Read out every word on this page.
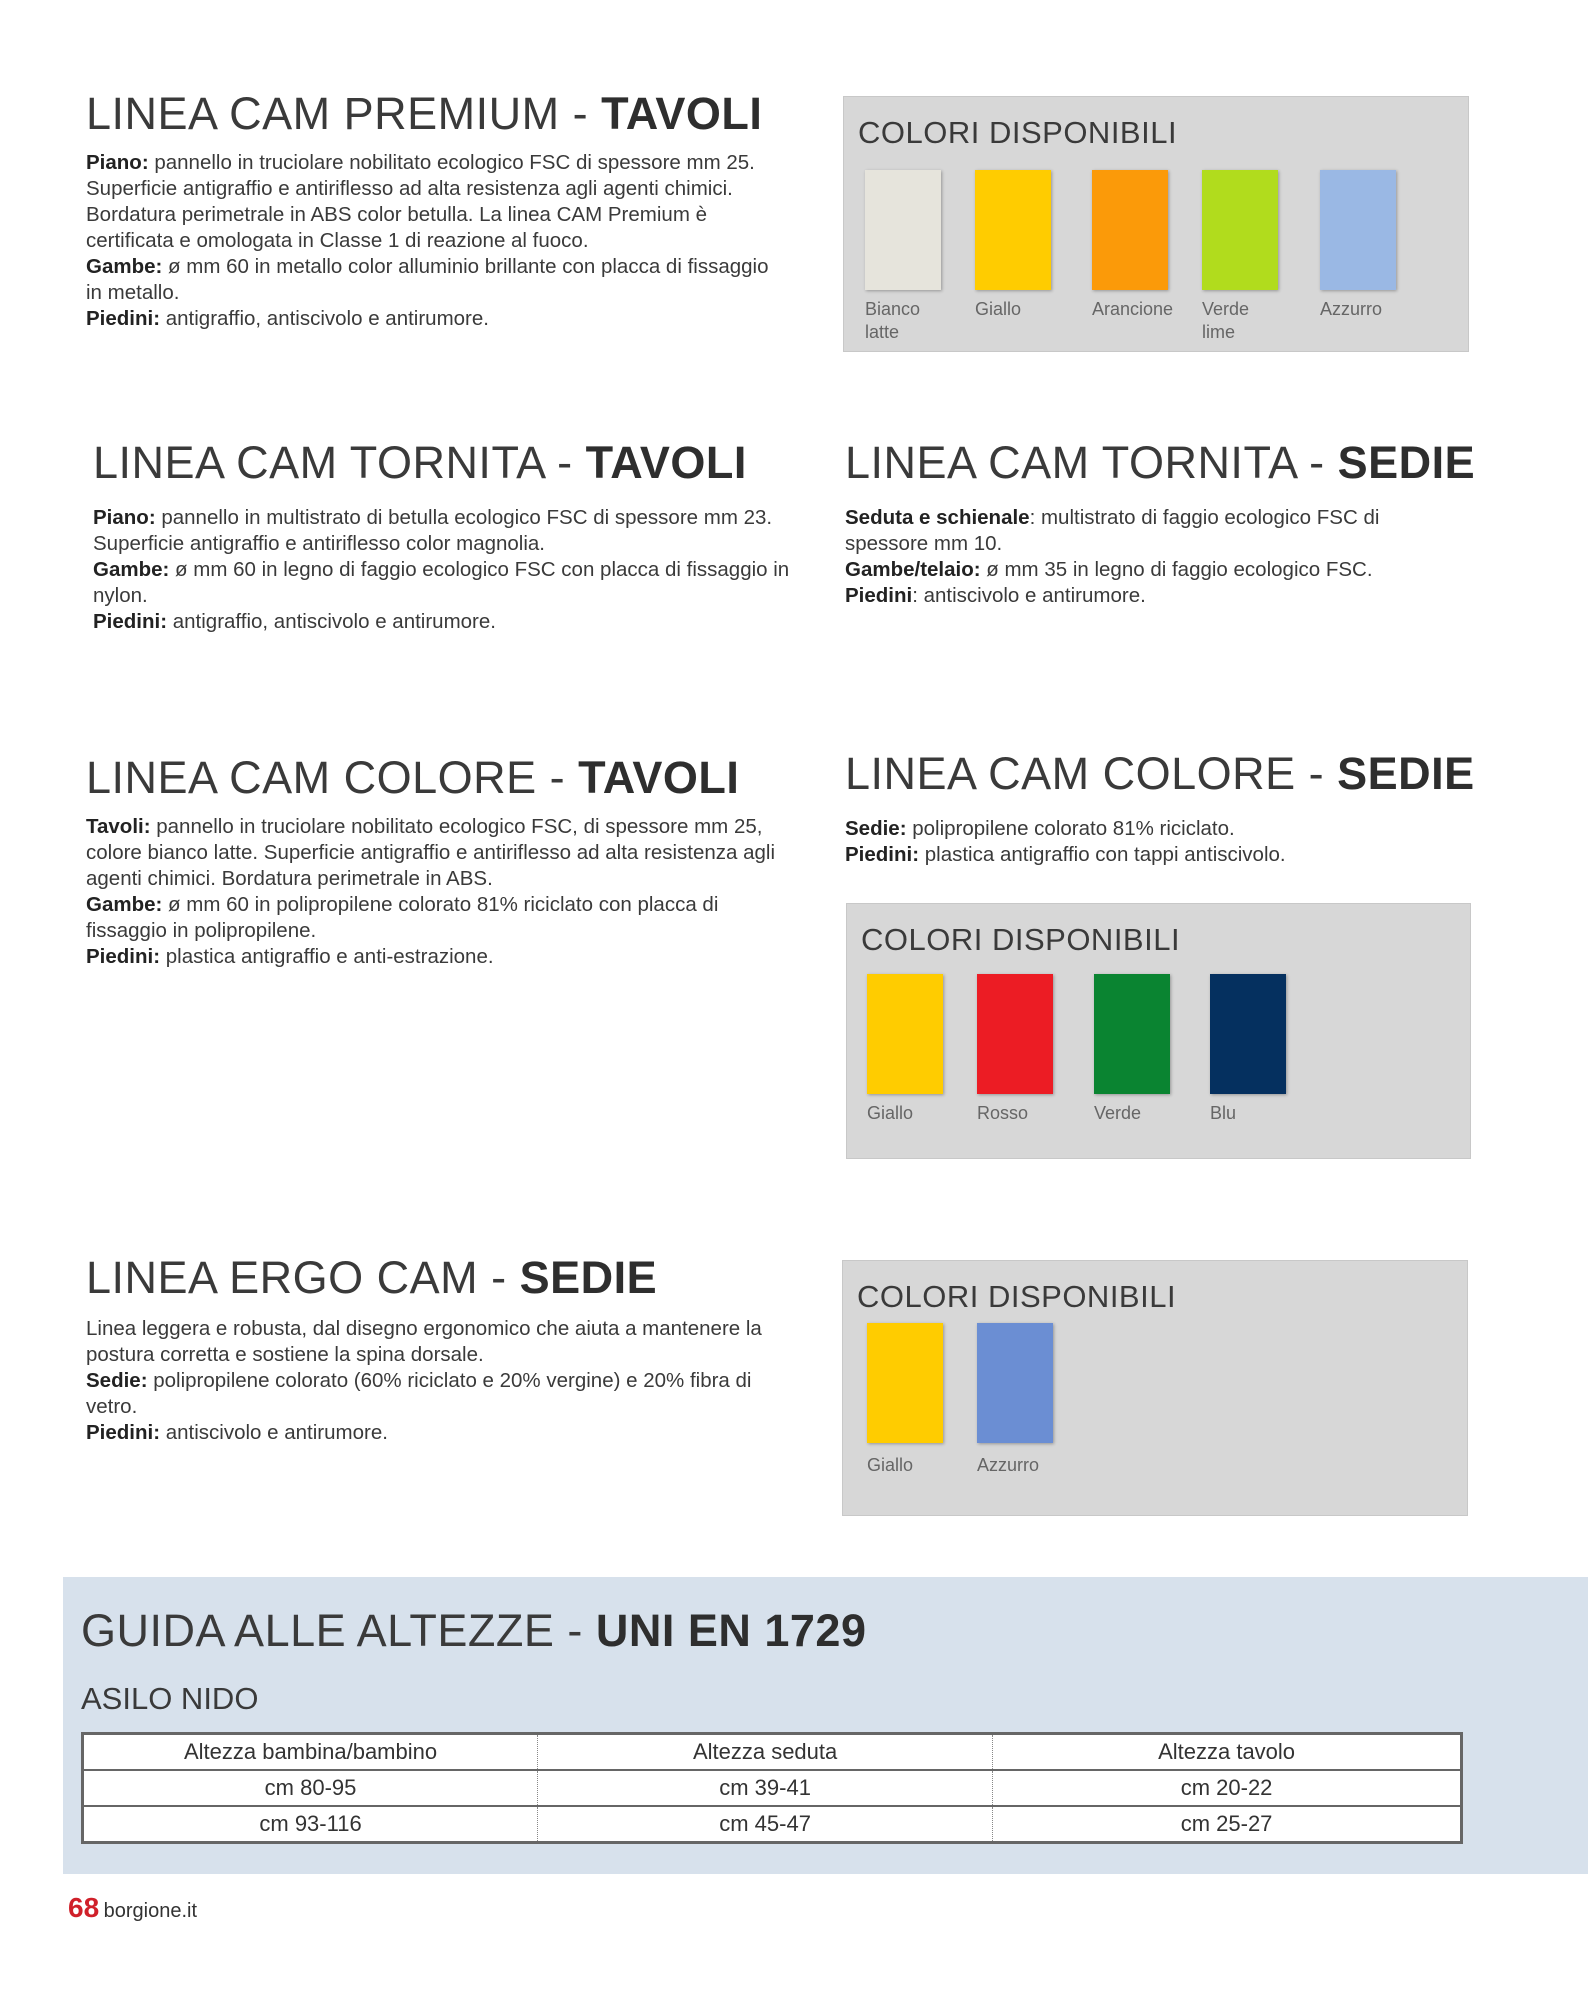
LINEA CAM PREMIUM - TAVOLI

Piano: pannello in truciolare nobilitato ecologico FSC di spessore mm 25. Superficie antigraffio e antiriflesso ad alta resistenza agli agenti chimici. Bordatura perimetrale in ABS color betulla. La linea CAM Premium è certificata e omologata in Classe 1 di reazione al fuoco.
Gambe: ø mm 60 in metallo color alluminio brillante con placca di fissaggio in metallo.
Piedini: antigraffio, antiscivolo e antirumore.

COLORI DISPONIBILI
Bianco latte
Giallo	Arancione Verde lime
Azzurro
LINEA CAM TORNITA - TAVOLI

Piano: pannello in multistrato di betulla ecologico FSC di spessore mm 23. Superficie antigraffio e antiriflesso color magnolia.
Gambe: ø mm 60 in legno di faggio ecologico FSC con placca di fissaggio in nylon.
Piedini: antigraffio, antiscivolo e antirumore.

LINEA CAM TORNITA - SEDIE

Seduta e schienale: multistrato di faggio ecologico FSC di spessore mm 10.
Gambe/telaio: ø mm 35 in legno di faggio ecologico FSC.
Piedini: antiscivolo e antirumore.

LINEA CAM COLORE - TAVOLI

Tavoli: pannello in truciolare nobilitato ecologico FSC, di spessore mm 25, colore bianco latte. Superficie antigraffio e antiriflesso ad alta resistenza agli agenti chimici. Bordatura perimetrale in ABS.
Gambe: ø mm 60 in polipropilene colorato 81% riciclato con placca di fissaggio in polipropilene.
Piedini: plastica antigraffio e anti-estrazione.

LINEA CAM COLORE - SEDIE

Sedie: polipropilene colorato 81% riciclato.
Piedini: plastica antigraffio con tappi antiscivolo.

COLORI DISPONIBILI
Giallo	Rosso	Verde	Blu
LINEA ERGO CAM - SEDIE

Linea leggera e robusta, dal disegno ergonomico che aiuta a mantenere la postura corretta e sostiene la spina dorsale.
Sedie: polipropilene colorato (60% riciclato e 20% vergine) e 20% fibra di vetro.
Piedini: antiscivolo e antirumore.

COLORI DISPONIBILI
Giallo	Azzurro
GUIDA ALLE ALTEZZE - UNI EN 1729
ASILO NIDO
Altezza bambina/bambino	Altezza seduta	Altezza tavolo
cm 80-95	cm 39-41	cm 20-22
cm 93-116	cm 45-47	cm 25-27
68 borgione.it
